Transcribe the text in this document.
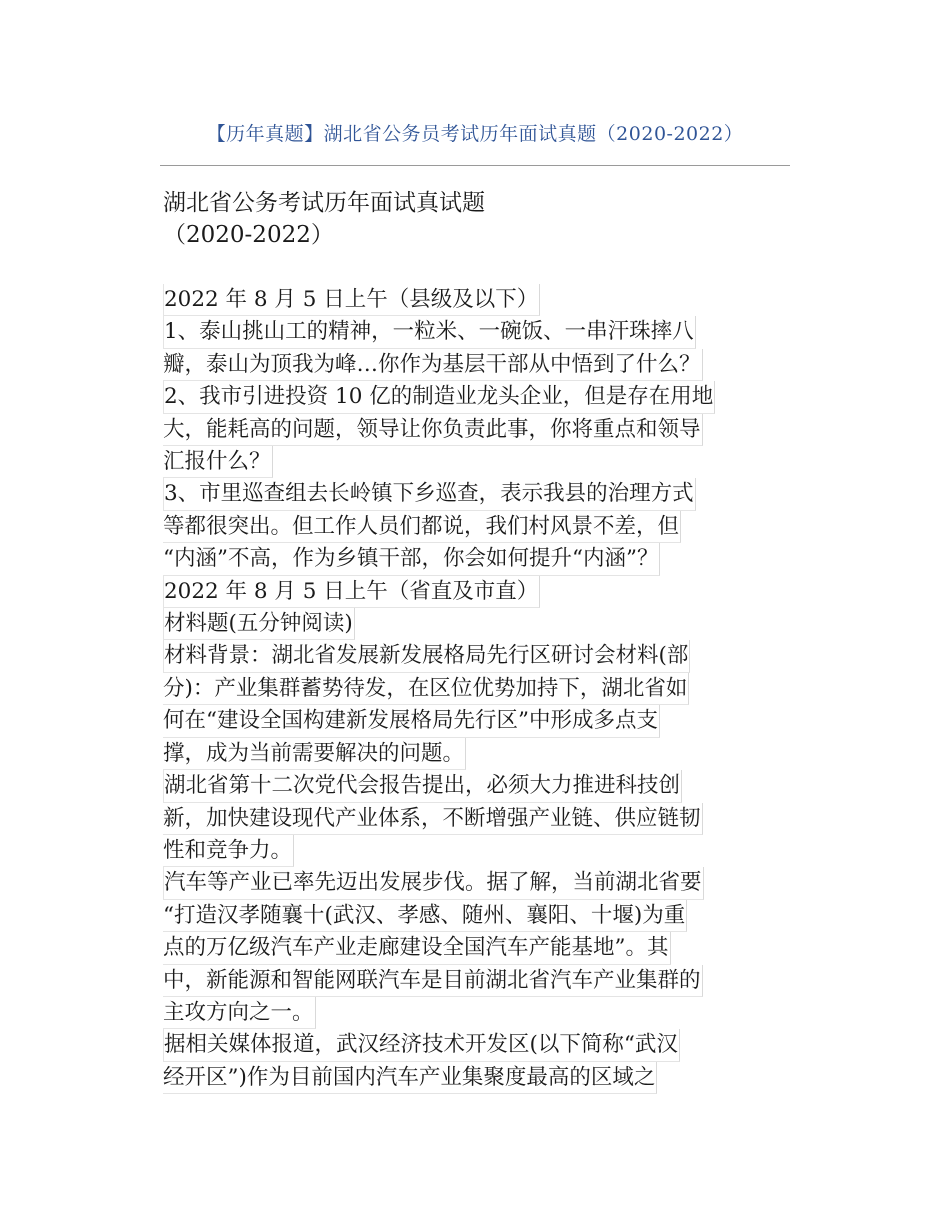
【历年真题】湖北省公务员考试历年面试真题（2020-2022）
湖北省公务考试历年面试真试题
（2020-2022）
2022 年 8 月 5 日上午（县级及以下）
1、泰山挑山工的精神，一粒米、一碗饭、一串汗珠摔八
瓣，泰山为顶我为峰…你作为基层干部从中悟到了什么？
2、我市引进投资 10 亿的制造业龙头企业，但是存在用地
大，能耗高的问题，领导让你负责此事，你将重点和领导
汇报什么？
3、市里巡查组去长岭镇下乡巡查，表示我县的治理方式
等都很突出。但工作人员们都说，我们村风景不差，但
“内涵”不高，作为乡镇干部，你会如何提升“内涵”？
2022 年 8 月 5 日上午（省直及市直）
材料题(五分钟阅读)
材料背景：湖北省发展新发展格局先行区研讨会材料(部
分)：产业集群蓄势待发，在区位优势加持下，湖北省如
何在“建设全国构建新发展格局先行区”中形成多点支
撑，成为当前需要解决的问题。
湖北省第十二次党代会报告提出，必须大力推进科技创
新，加快建设现代产业体系，不断增强产业链、供应链韧
性和竞争力。
汽车等产业已率先迈出发展步伐。据了解，当前湖北省要
“打造汉孝随襄十(武汉、孝感、随州、襄阳、十堰)为重
点的万亿级汽车产业走廊建设全国汽车产能基地”。其
中，新能源和智能网联汽车是目前湖北省汽车产业集群的
主攻方向之一。
据相关媒体报道，武汉经济技术开发区(以下简称“武汉
经开区”)作为目前国内汽车产业集聚度最高的区域之
